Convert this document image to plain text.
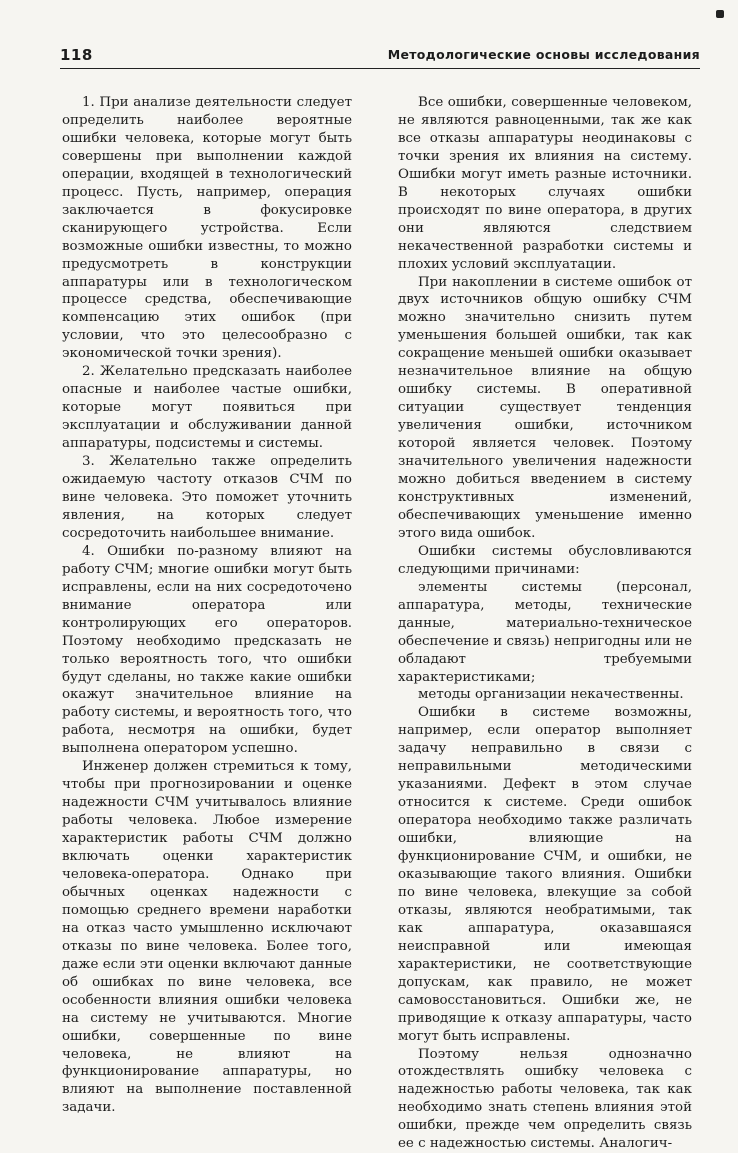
118	Методологические основы исследования

1. При анализе деятельности следует определить наиболее вероятные ошибки человека, которые могут быть совершены при выполнении каждой операции, входящей в технологический процесс. Пусть, например, операция заключается в фокусировке сканирующего устройства. Если возможные ошибки известны, то можно предусмотреть в конструкции аппаратуры или в технологическом процессе средства, обеспечивающие компенсацию этих ошибок (при условии, что это целесообразно с экономической точки зрения).

2. Желательно предсказать наиболее опасные и наиболее частые ошибки, которые могут появиться при эксплуатации и обслуживании данной аппаратуры, подсистемы и системы.

3. Желательно также определить ожидаемую частоту отказов СЧМ по вине человека. Это поможет уточнить явления, на которых следует сосредоточить наибольшее внимание.

4. Ошибки по-разному влияют на работу СЧМ; многие ошибки могут быть исправлены, если на них сосредоточено внимание оператора или контролирующих его операторов. Поэтому необходимо предсказать не только вероятность того, что ошибки будут сделаны, но также какие ошибки окажут значительное влияние на работу системы, и вероятность того, что работа, несмотря на ошибки, будет выполнена оператором успешно.

Инженер должен стремиться к тому, чтобы при прогнозировании и оценке надежности СЧМ учитывалось влияние работы человека. Любое измерение характеристик работы СЧМ должно включать оценки характеристик человека-оператора. Однако при обычных оценках надежности с помощью среднего времени наработки на отказ часто умышленно исключают отказы по вине человека. Более того, даже если эти оценки включают данные об ошибках по вине человека, все особенности влияния ошибки человека на систему не учитываются. Многие ошибки, совершенные по вине человека, не влияют на функционирование аппаратуры, но влияют на выполнение поставленной задачи.

Все ошибки, совершенные человеком, не являются равноценными, так же как все отказы аппаратуры неодинаковы с точки зрения их влияния на систему. Ошибки могут иметь разные источники. В некоторых случаях ошибки происходят по вине оператора, в других они являются следствием некачественной разработки системы и плохих условий эксплуатации.

При накоплении в системе ошибок от двух источников общую ошибку СЧМ можно значительно снизить путем уменьшения большей ошибки, так как сокращение меньшей ошибки оказывает незначительное влияние на общую ошибку системы. В оперативной ситуации существует тенденция увеличения ошибки, источником которой является человек. Поэтому значительного увеличения надежности можно добиться введением в систему конструктивных изменений, обеспечивающих уменьшение именно этого вида ошибок.

Ошибки системы обусловливаются следующими причинами:

элементы системы (персонал, аппаратура, методы, технические данные, материально-техническое обеспечение и связь) непригодны или не обладают требуемыми характеристиками;

методы организации некачественны.

Ошибки в системе возможны, например, если оператор выполняет задачу неправильно в связи с неправильными методическими указаниями. Дефект в этом случае относится к системе. Среди ошибок оператора необходимо также различать ошибки, влияющие на функционирование СЧМ, и ошибки, не оказывающие такого влияния. Ошибки по вине человека, влекущие за собой отказы, являются необратимыми, так как аппаратура, оказавшаяся неисправной или имеющая характеристики, не соответствующие допускам, как правило, не может самовосстановиться. Ошибки же, не приводящие к отказу аппаратуры, часто могут быть исправлены.

Поэтому нельзя однозначно отождествлять ошибку человека с надежностью работы человека, так как необходимо знать степень влияния этой ошибки, прежде чем определить связь ее с надежностью системы. Аналогич-
